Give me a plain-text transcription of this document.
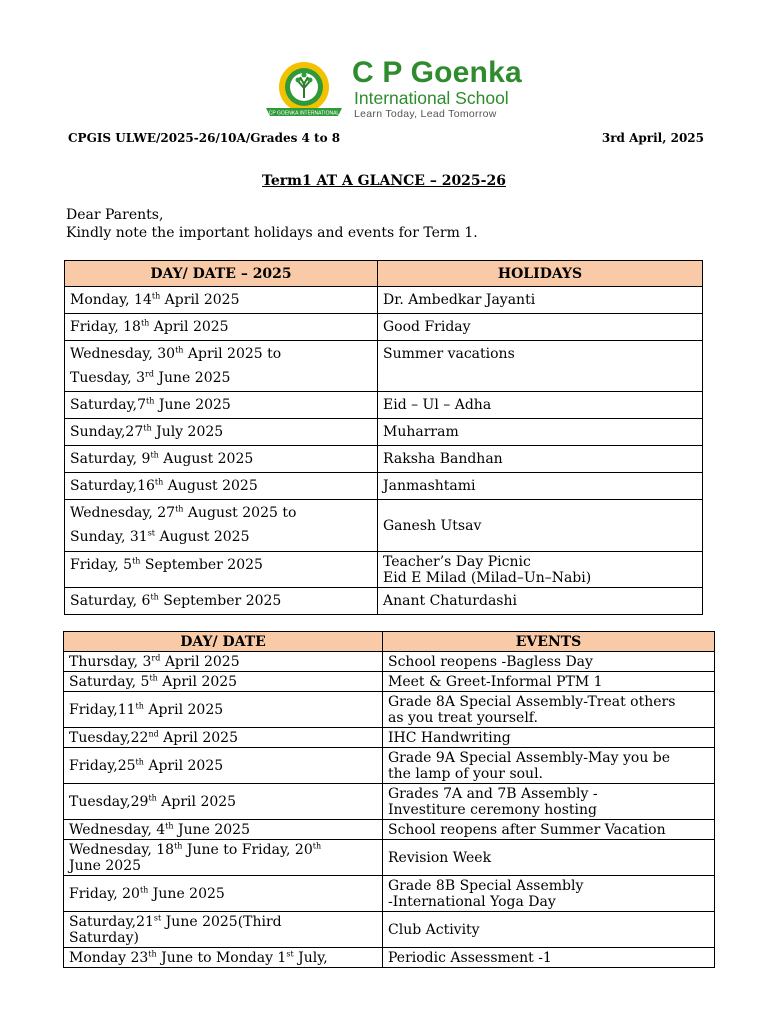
CP GOENKA INTERNATIONAL
C P Goenka
International School
Learn Today, Lead Tomorrow
CPGIS ULWE/2025-26/10A/Grades 4 to 8	3rd April, 2025
Term1 AT A GLANCE – 2025-26
Dear Parents,
Kindly note the important holidays and events for Term 1.
DAY/ DATE – 2025	HOLIDAYS

Monday, 14th April 2025	Dr. Ambedkar Jayanti

Friday, 18th April 2025	Good Friday

Wednesday, 30th April 2025 to
Tuesday, 3rd June 2025	Summer vacations

Saturday,7th June 2025	Eid – Ul – Adha

Sunday,27th July 2025	Muharram

Saturday, 9th August 2025	Raksha Bandhan

Saturday,16th August 2025	Janmashtami

Wednesday, 27th August 2025 to
Sunday, 31st August 2025	Ganesh Utsav

Friday, 5th September 2025	Teacher’s Day Picnic
Eid E Milad (Milad–Un–Nabi)

Saturday, 6th September 2025	Anant Chaturdashi
DAY/ DATE	EVENTS

Thursday, 3rd April 2025	School reopens -Bagless Day

Saturday, 5th April 2025	Meet & Greet-Informal PTM 1

Friday,11th April 2025	Grade 8A Special Assembly-Treat others
as you treat yourself.

Tuesday,22nd April 2025	IHC Handwriting

Friday,25th April 2025	Grade 9A Special Assembly-May you be
the lamp of your soul.

Tuesday,29th April 2025	Grades 7A and 7B Assembly -
Investiture ceremony hosting

Wednesday, 4th June 2025	School reopens after Summer Vacation

Wednesday, 18th June to Friday, 20th
June 2025	Revision Week

Friday, 20th June 2025	Grade 8B Special Assembly
-International Yoga Day

Saturday,21st June 2025(Third
Saturday)	Club Activity

Monday 23th June to Monday 1st July,	Periodic Assessment -1
